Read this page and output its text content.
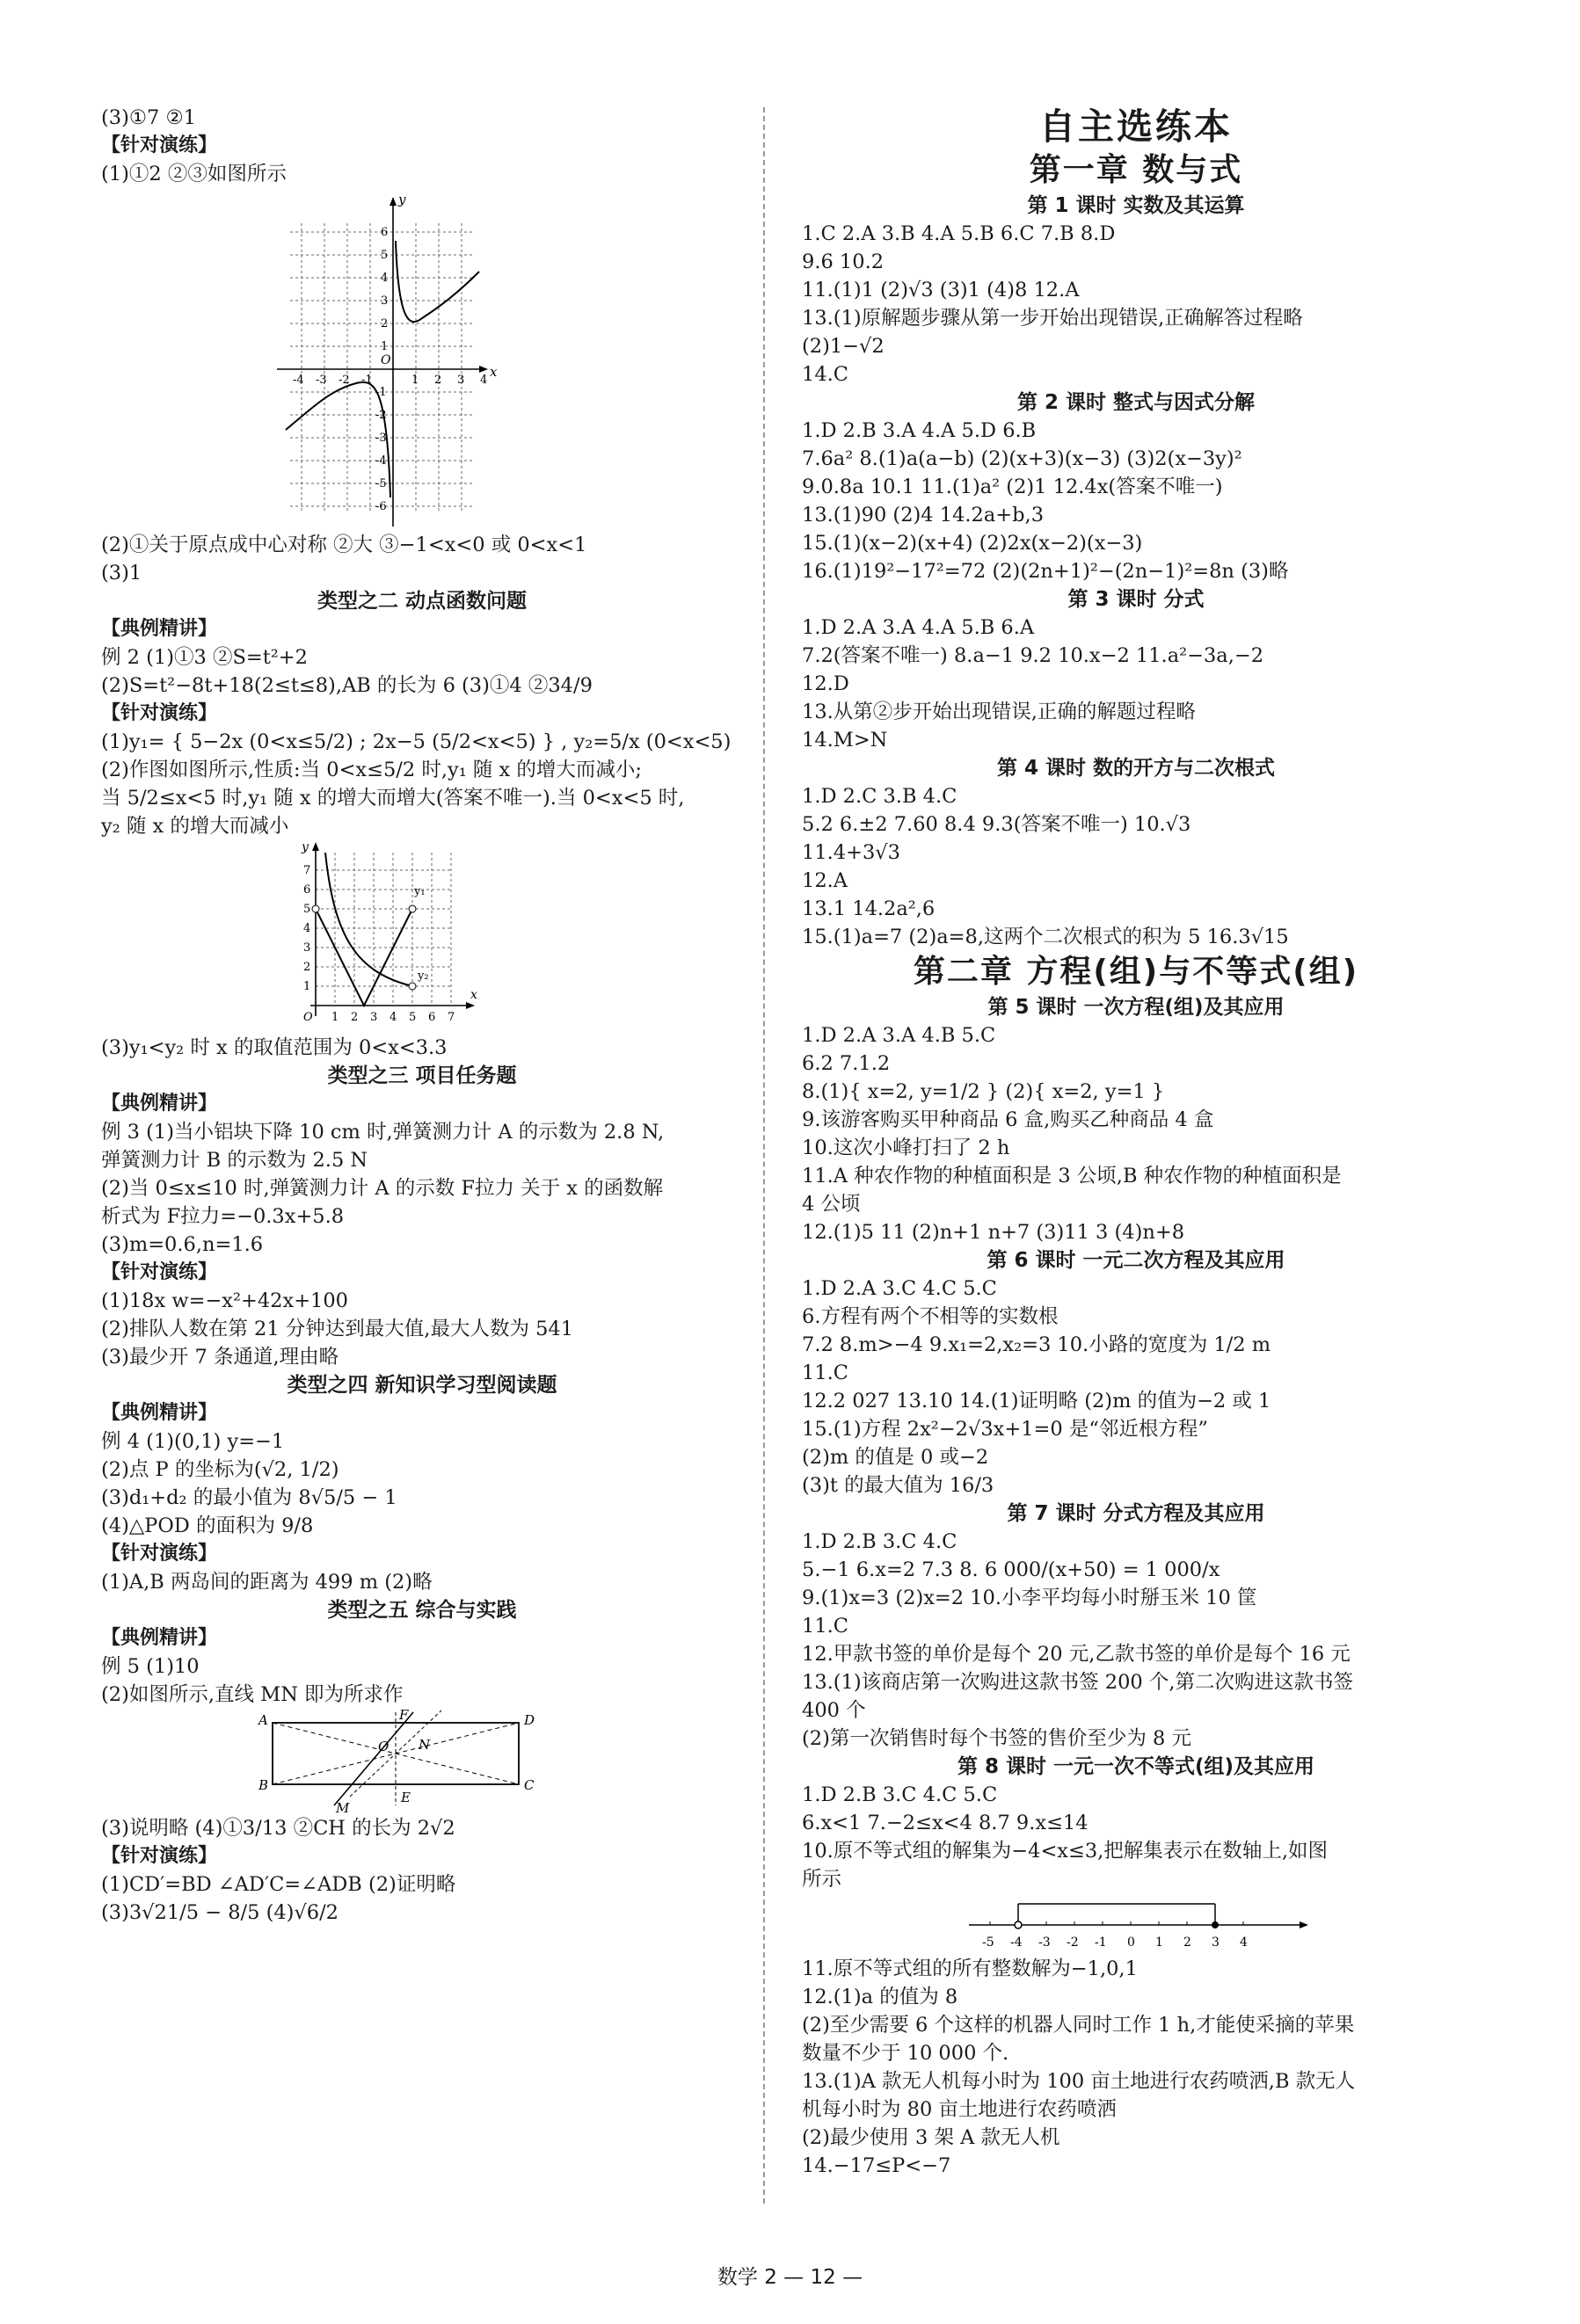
(3)①7 ②1
【针对演练】
(1)①2 ②③如图所示
x
y
O
-4 -3 -2 -1	1 2 3 4
6
5
4
3
2
1
-1
-2
-3
-4
-5
-6
(2)①关于原点成中心对称 ②大 ③−1<x<0 或 0<x<1
(3)1
类型之二 动点函数问题
【典例精讲】
例 2 (1)①3 ②S=t²+2
(2)S=t²−8t+18(2≤t≤8),AB 的长为 6 (3)①4 ②34/9
【针对演练】
(1)y₁= { 5−2x (0<x≤5/2) ; 2x−5 (5/2<x<5) } , y₂=5/x (0<x<5)
(2)作图如图所示,性质:当 0<x≤5/2 时,y₁ 随 x 的增大而减小;
当 5/2≤x<5 时,y₁ 随 x 的增大而增大(答案不唯一).当 0<x<5 时,
y₂ 随 x 的增大而减小
y₁
y₂
x
y
O 1 2 3 4 5 6 7
1
2
3
4
5
6
7
(3)y₁<y₂ 时 x 的取值范围为 0<x<3.3
类型之三 项目任务题
【典例精讲】
例 3 (1)当小铝块下降 10 cm 时,弹簧测力计 A 的示数为 2.8 N,
弹簧测力计 B 的示数为 2.5 N
(2)当 0≤x≤10 时,弹簧测力计 A 的示数 F拉力 关于 x 的函数解
析式为 F拉力=−0.3x+5.8
(3)m=0.6,n=1.6
【针对演练】
(1)18x w=−x²+42x+100
(2)排队人数在第 21 分钟达到最大值,最大人数为 541
(3)最少开 7 条通道,理由略
类型之四 新知识学习型阅读题
【典例精讲】
例 4 (1)(0,1) y=−1
(2)点 P 的坐标为(√2, 1/2)
(3)d₁+d₂ 的最小值为 8√5/5 − 1
(4)△POD 的面积为 9/8
【针对演练】
(1)A,B 两岛间的距离为 499 m (2)略
类型之五 综合与实践
【典例精讲】
例 5 (1)10
(2)如图所示,直线 MN 即为所求作
A
B	C
D
F
O N
M
E
(3)说明略 (4)①3/13 ②CH 的长为 2√2
【针对演练】
(1)CD′=BD ∠AD′C=∠ADB (2)证明略
(3)3√21/5 − 8/5 (4)√6/2
自主选练本
第一章 数与式
第 1 课时 实数及其运算
1.C 2.A 3.B 4.A 5.B 6.C 7.B 8.D
9.6 10.2
11.(1)1 (2)√3 (3)1 (4)8 12.A
13.(1)原解题步骤从第一步开始出现错误,正确解答过程略
(2)1−√2
14.C
第 2 课时 整式与因式分解
1.D 2.B 3.A 4.A 5.D 6.B
7.6a² 8.(1)a(a−b) (2)(x+3)(x−3) (3)2(x−3y)²
9.0.8a 10.1 11.(1)a² (2)1 12.4x(答案不唯一)
13.(1)90 (2)4 14.2a+b,3
15.(1)(x−2)(x+4) (2)2x(x−2)(x−3)
16.(1)19²−17²=72 (2)(2n+1)²−(2n−1)²=8n (3)略
第 3 课时 分式
1.D 2.A 3.A 4.A 5.B 6.A
7.2(答案不唯一) 8.a−1 9.2 10.x−2 11.a²−3a,−2
12.D
13.从第②步开始出现错误,正确的解题过程略
14.M>N
第 4 课时 数的开方与二次根式
1.D 2.C 3.B 4.C
5.2 6.±2 7.60 8.4 9.3(答案不唯一) 10.√3
11.4+3√3
12.A
13.1 14.2a²,6
15.(1)a=7 (2)a=8,这两个二次根式的积为 5 16.3√15
第二章 方程(组)与不等式(组)
第 5 课时 一次方程(组)及其应用
1.D 2.A 3.A 4.B 5.C
6.2 7.1.2
8.(1){ x=2, y=1/2 } (2){ x=2, y=1 }
9.该游客购买甲种商品 6 盒,购买乙种商品 4 盒
10.这次小峰打扫了 2 h
11.A 种农作物的种植面积是 3 公顷,B 种农作物的种植面积是
4 公顷
12.(1)5 11 (2)n+1 n+7 (3)11 3 (4)n+8
第 6 课时 一元二次方程及其应用
1.D 2.A 3.C 4.C 5.C
6.方程有两个不相等的实数根
7.2 8.m>−4 9.x₁=2,x₂=3 10.小路的宽度为 1/2 m
11.C
12.2 027 13.10 14.(1)证明略 (2)m 的值为−2 或 1
15.(1)方程 2x²−2√3x+1=0 是“邻近根方程”
(2)m 的值是 0 或−2
(3)t 的最大值为 16/3
第 7 课时 分式方程及其应用
1.D 2.B 3.C 4.C
5.−1 6.x=2 7.3 8. 6 000/(x+50) = 1 000/x
9.(1)x=3 (2)x=2 10.小李平均每小时掰玉米 10 筐
11.C
12.甲款书签的单价是每个 20 元,乙款书签的单价是每个 16 元
13.(1)该商店第一次购进这款书签 200 个,第二次购进这款书签
400 个
(2)第一次销售时每个书签的售价至少为 8 元
第 8 课时 一元一次不等式(组)及其应用
1.D 2.B 3.C 4.C 5.C
6.x<1 7.−2≤x<4 8.7 9.x≤14
10.原不等式组的解集为−4<x≤3,把解集表示在数轴上,如图
所示
-5 -4 -3 -2 -1 0 1 2 3 4
11.原不等式组的所有整数解为−1,0,1
12.(1)a 的值为 8
(2)至少需要 6 个这样的机器人同时工作 1 h,才能使采摘的苹果
数量不少于 10 000 个.
13.(1)A 款无人机每小时为 100 亩土地进行农药喷洒,B 款无人
机每小时为 80 亩土地进行农药喷洒
(2)最少使用 3 架 A 款无人机
14.−17≤P<−7
数学 2 — 12 —
